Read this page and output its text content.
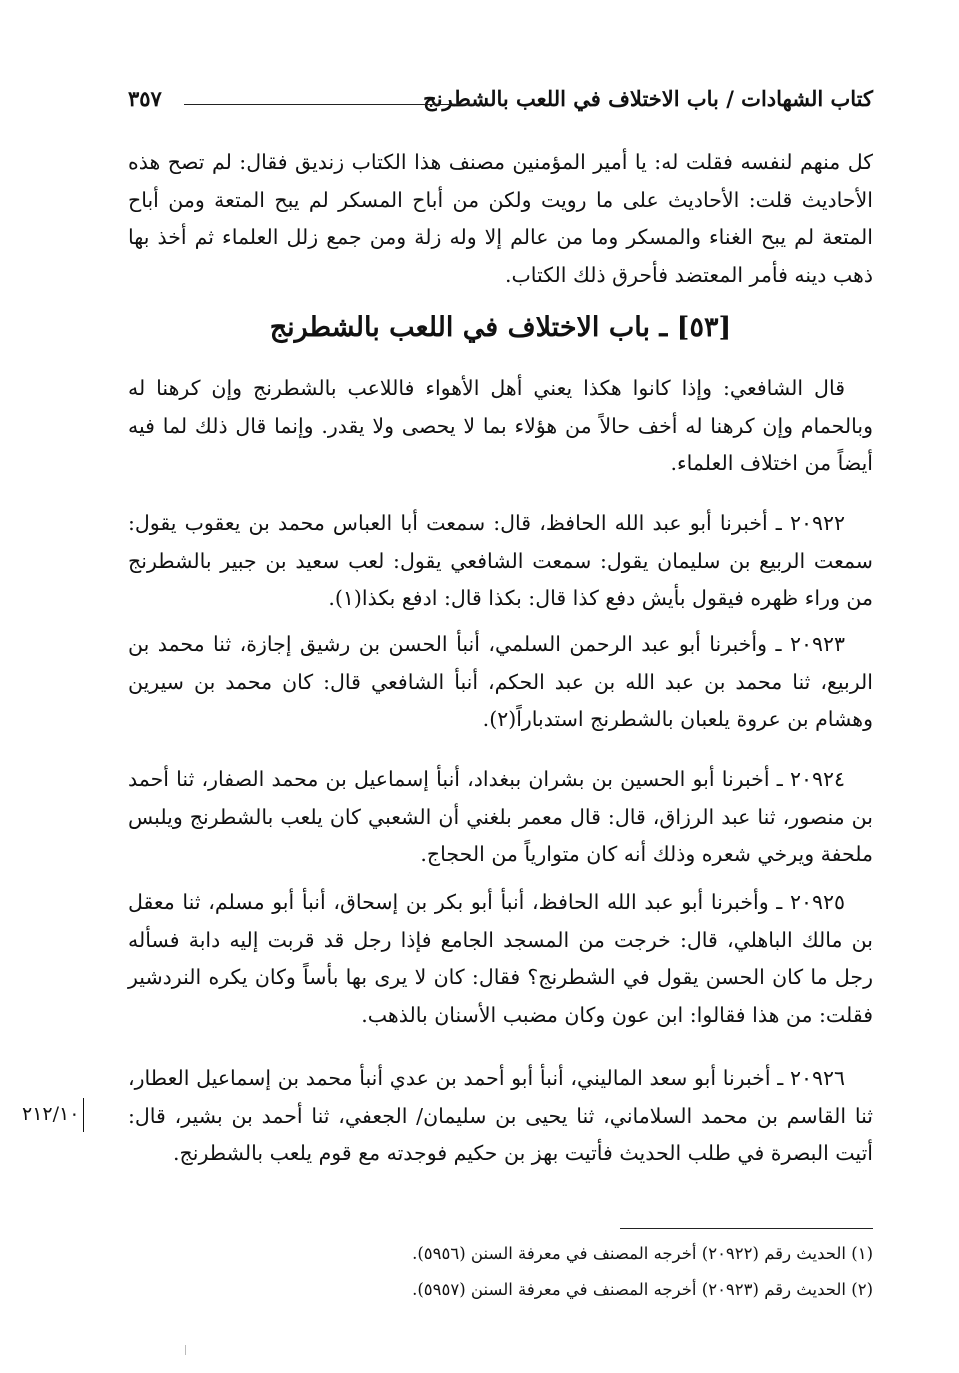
كتاب الشهادات / باب الاختلاف في اللعب بالشطرنج
٣٥٧

كل منهم لنفسه فقلت له: يا أمير المؤمنين مصنف هذا الكتاب زنديق فقال: لم تصح هذه الأحاديث قلت: الأحاديث على ما رويت ولكن من أباح المسكر لم يبح المتعة ومن أباح المتعة لم يبح الغناء والمسكر وما من عالم إلا وله زلة ومن جمع زلل العلماء ثم أخذ بها ذهب دينه فأمر المعتضد فأحرق ذلك الكتاب.

[٥٣] ـ باب الاختلاف في اللعب بالشطرنج

قال الشافعي: وإذا كانوا هكذا يعني أهل الأهواء فاللاعب بالشطرنج وإن كرهنا له وبالحمام وإن كرهنا له أخف حالاً من هؤلاء بما لا يحصى ولا يقدر. وإنما قال ذلك لما فيه أيضاً من اختلاف العلماء.

٢٠٩٢٢ ـ أخبرنا أبو عبد الله الحافظ، قال: سمعت أبا العباس محمد بن يعقوب يقول: سمعت الربيع بن سليمان يقول: سمعت الشافعي يقول: لعب سعيد بن جبير بالشطرنج من وراء ظهره فيقول بأيش دفع كذا قال: بكذا قال: ادفع بكذا(١).

٢٠٩٢٣ ـ وأخبرنا أبو عبد الرحمن السلمي، أنبأ الحسن بن رشيق إجازة، ثنا محمد بن الربيع، ثنا محمد بن عبد الله بن عبد الحكم، أنبأ الشافعي قال: كان محمد بن سيرين وهشام بن عروة يلعبان بالشطرنج استدباراً(٢).

٢٠٩٢٤ ـ أخبرنا أبو الحسين بن بشران ببغداد، أنبأ إسماعيل بن محمد الصفار، ثنا أحمد بن منصور، ثنا عبد الرزاق، قال: قال معمر بلغني أن الشعبي كان يلعب بالشطرنج ويلبس ملحفة ويرخي شعره وذلك أنه كان متوارياً من الحجاج.

٢٠٩٢٥ ـ وأخبرنا أبو عبد الله الحافظ، أنبأ أبو بكر بن إسحاق، أنبأ أبو مسلم، ثنا معقل بن مالك الباهلي، قال: خرجت من المسجد الجامع فإذا رجل قد قربت إليه دابة فسأله رجل ما كان الحسن يقول في الشطرنج؟ فقال: كان لا يرى بها بأساً وكان يكره النردشير فقلت: من هذا فقالوا: ابن عون وكان مضبب الأسنان بالذهب.

٢٠٩٢٦ ـ أخبرنا أبو سعد الماليني، أنبأ أبو أحمد بن عدي أنبأ محمد بن إسماعيل العطار، ثنا القاسم بن محمد السلاماني، ثنا يحيى بن سليمان/ الجعفي، ثنا أحمد بن بشير، قال: أتيت البصرة في طلب الحديث فأتيت بهز بن حكيم فوجدته مع قوم يلعب بالشطرنج.

٢١٢/١٠
(١) الحديث رقم (٢٠٩٢٢) أخرجه المصنف في معرفة السنن (٥٩٥٦).
(٢) الحديث رقم (٢٠٩٢٣) أخرجه المصنف في معرفة السنن (٥٩٥٧).
